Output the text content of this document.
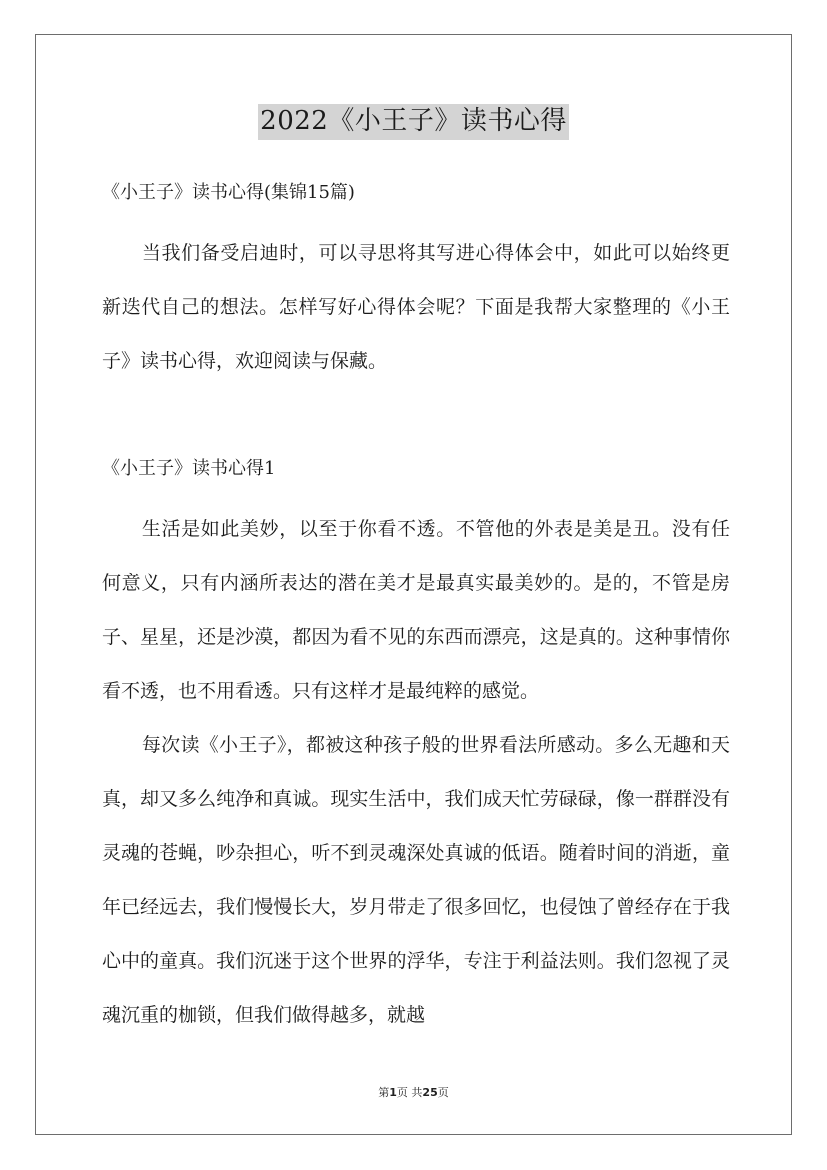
2022《小王子》读书心得

《小王子》读书心得(集锦15篇)

当我们备受启迪时，可以寻思将其写进心得体会中，如此可以始终更新迭代自己的想法。怎样写好心得体会呢？下面是我帮大家整理的《小王子》读书心得，欢迎阅读与保藏。

《小王子》读书心得1

生活是如此美妙，以至于你看不透。不管他的外表是美是丑。没有任何意义，只有内涵所表达的潜在美才是最真实最美妙的。是的，不管是房子、星星，还是沙漠，都因为看不见的东西而漂亮，这是真的。这种事情你看不透，也不用看透。只有这样才是最纯粹的感觉。

每次读《小王子》，都被这种孩子般的世界看法所感动。多么无趣和天真，却又多么纯净和真诚。现实生活中，我们成天忙劳碌碌，像一群群没有灵魂的苍蝇，吵杂担心，听不到灵魂深处真诚的低语。随着时间的消逝，童年已经远去，我们慢慢长大，岁月带走了很多回忆，也侵蚀了曾经存在于我心中的童真。我们沉迷于这个世界的浮华，专注于利益法则。我们忽视了灵魂沉重的枷锁，但我们做得越多，就越

第1页 共25页
